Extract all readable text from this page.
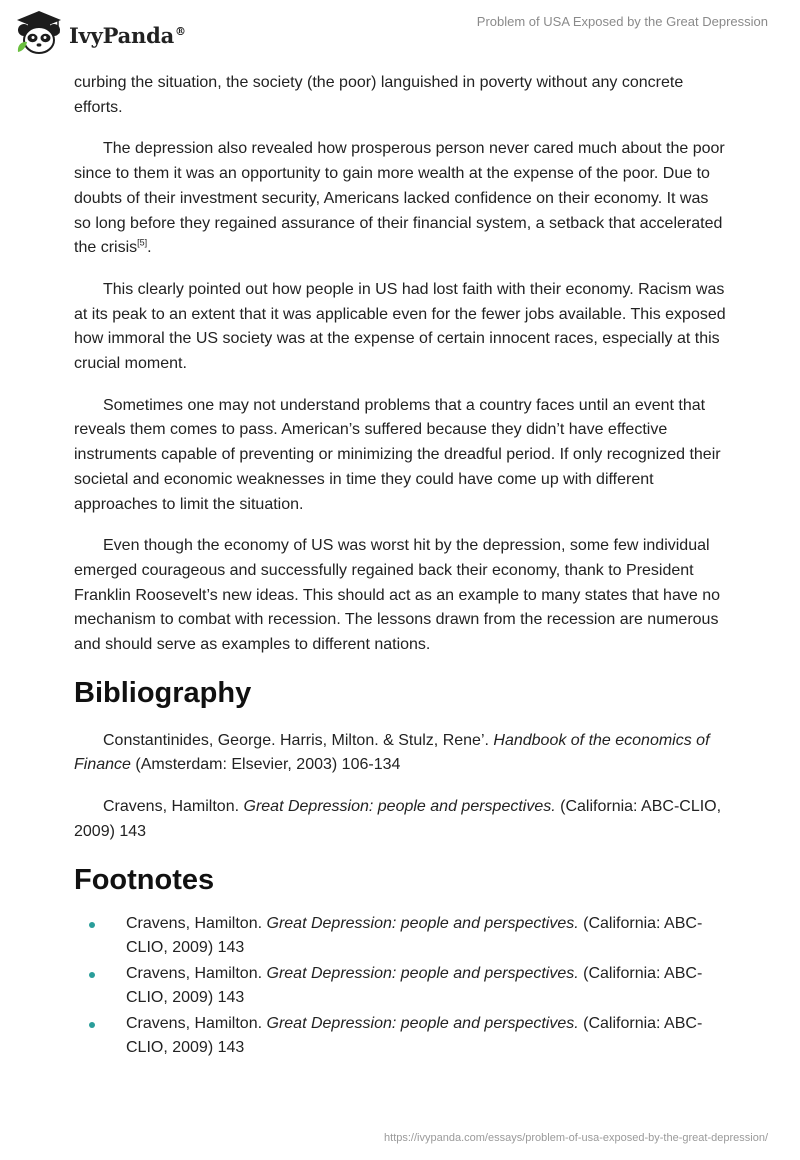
IvyPanda®
Problem of USA Exposed by the Great Depression

curbing the situation, the society (the poor) languished in poverty without any concrete efforts.

The depression also revealed how prosperous person never cared much about the poor since to them it was an opportunity to gain more wealth at the expense of the poor. Due to doubts of their investment security, Americans lacked confidence on their economy. It was so long before they regained assurance of their financial system, a setback that accelerated the crisis[5].

This clearly pointed out how people in US had lost faith with their economy. Racism was at its peak to an extent that it was applicable even for the fewer jobs available. This exposed how immoral the US society was at the expense of certain innocent races, especially at this crucial moment.

Sometimes one may not understand problems that a country faces until an event that reveals them comes to pass. American’s suffered because they didn’t have effective instruments capable of preventing or minimizing the dreadful period. If only recognized their societal and economic weaknesses in time they could have come up with different approaches to limit the situation.

Even though the economy of US was worst hit by the depression, some few individual emerged courageous and successfully regained back their economy, thank to President Franklin Roosevelt’s new ideas. This should act as an example to many states that have no mechanism to combat with recession. The lessons drawn from the recession are numerous and should serve as examples to different nations.

Bibliography

Constantinides, George. Harris, Milton. & Stulz, Rene’. Handbook of the economics of Finance (Amsterdam: Elsevier, 2003) 106-134

Cravens, Hamilton. Great Depression: people and perspectives. (California: ABC-CLIO, 2009) 143

Footnotes
Cravens, Hamilton. Great Depression: people and perspectives. (California: ABC-CLIO, 2009) 143
Cravens, Hamilton. Great Depression: people and perspectives. (California: ABC-CLIO, 2009) 143
Cravens, Hamilton. Great Depression: people and perspectives. (California: ABC-CLIO, 2009) 143
https://ivypanda.com/essays/problem-of-usa-exposed-by-the-great-depression/
